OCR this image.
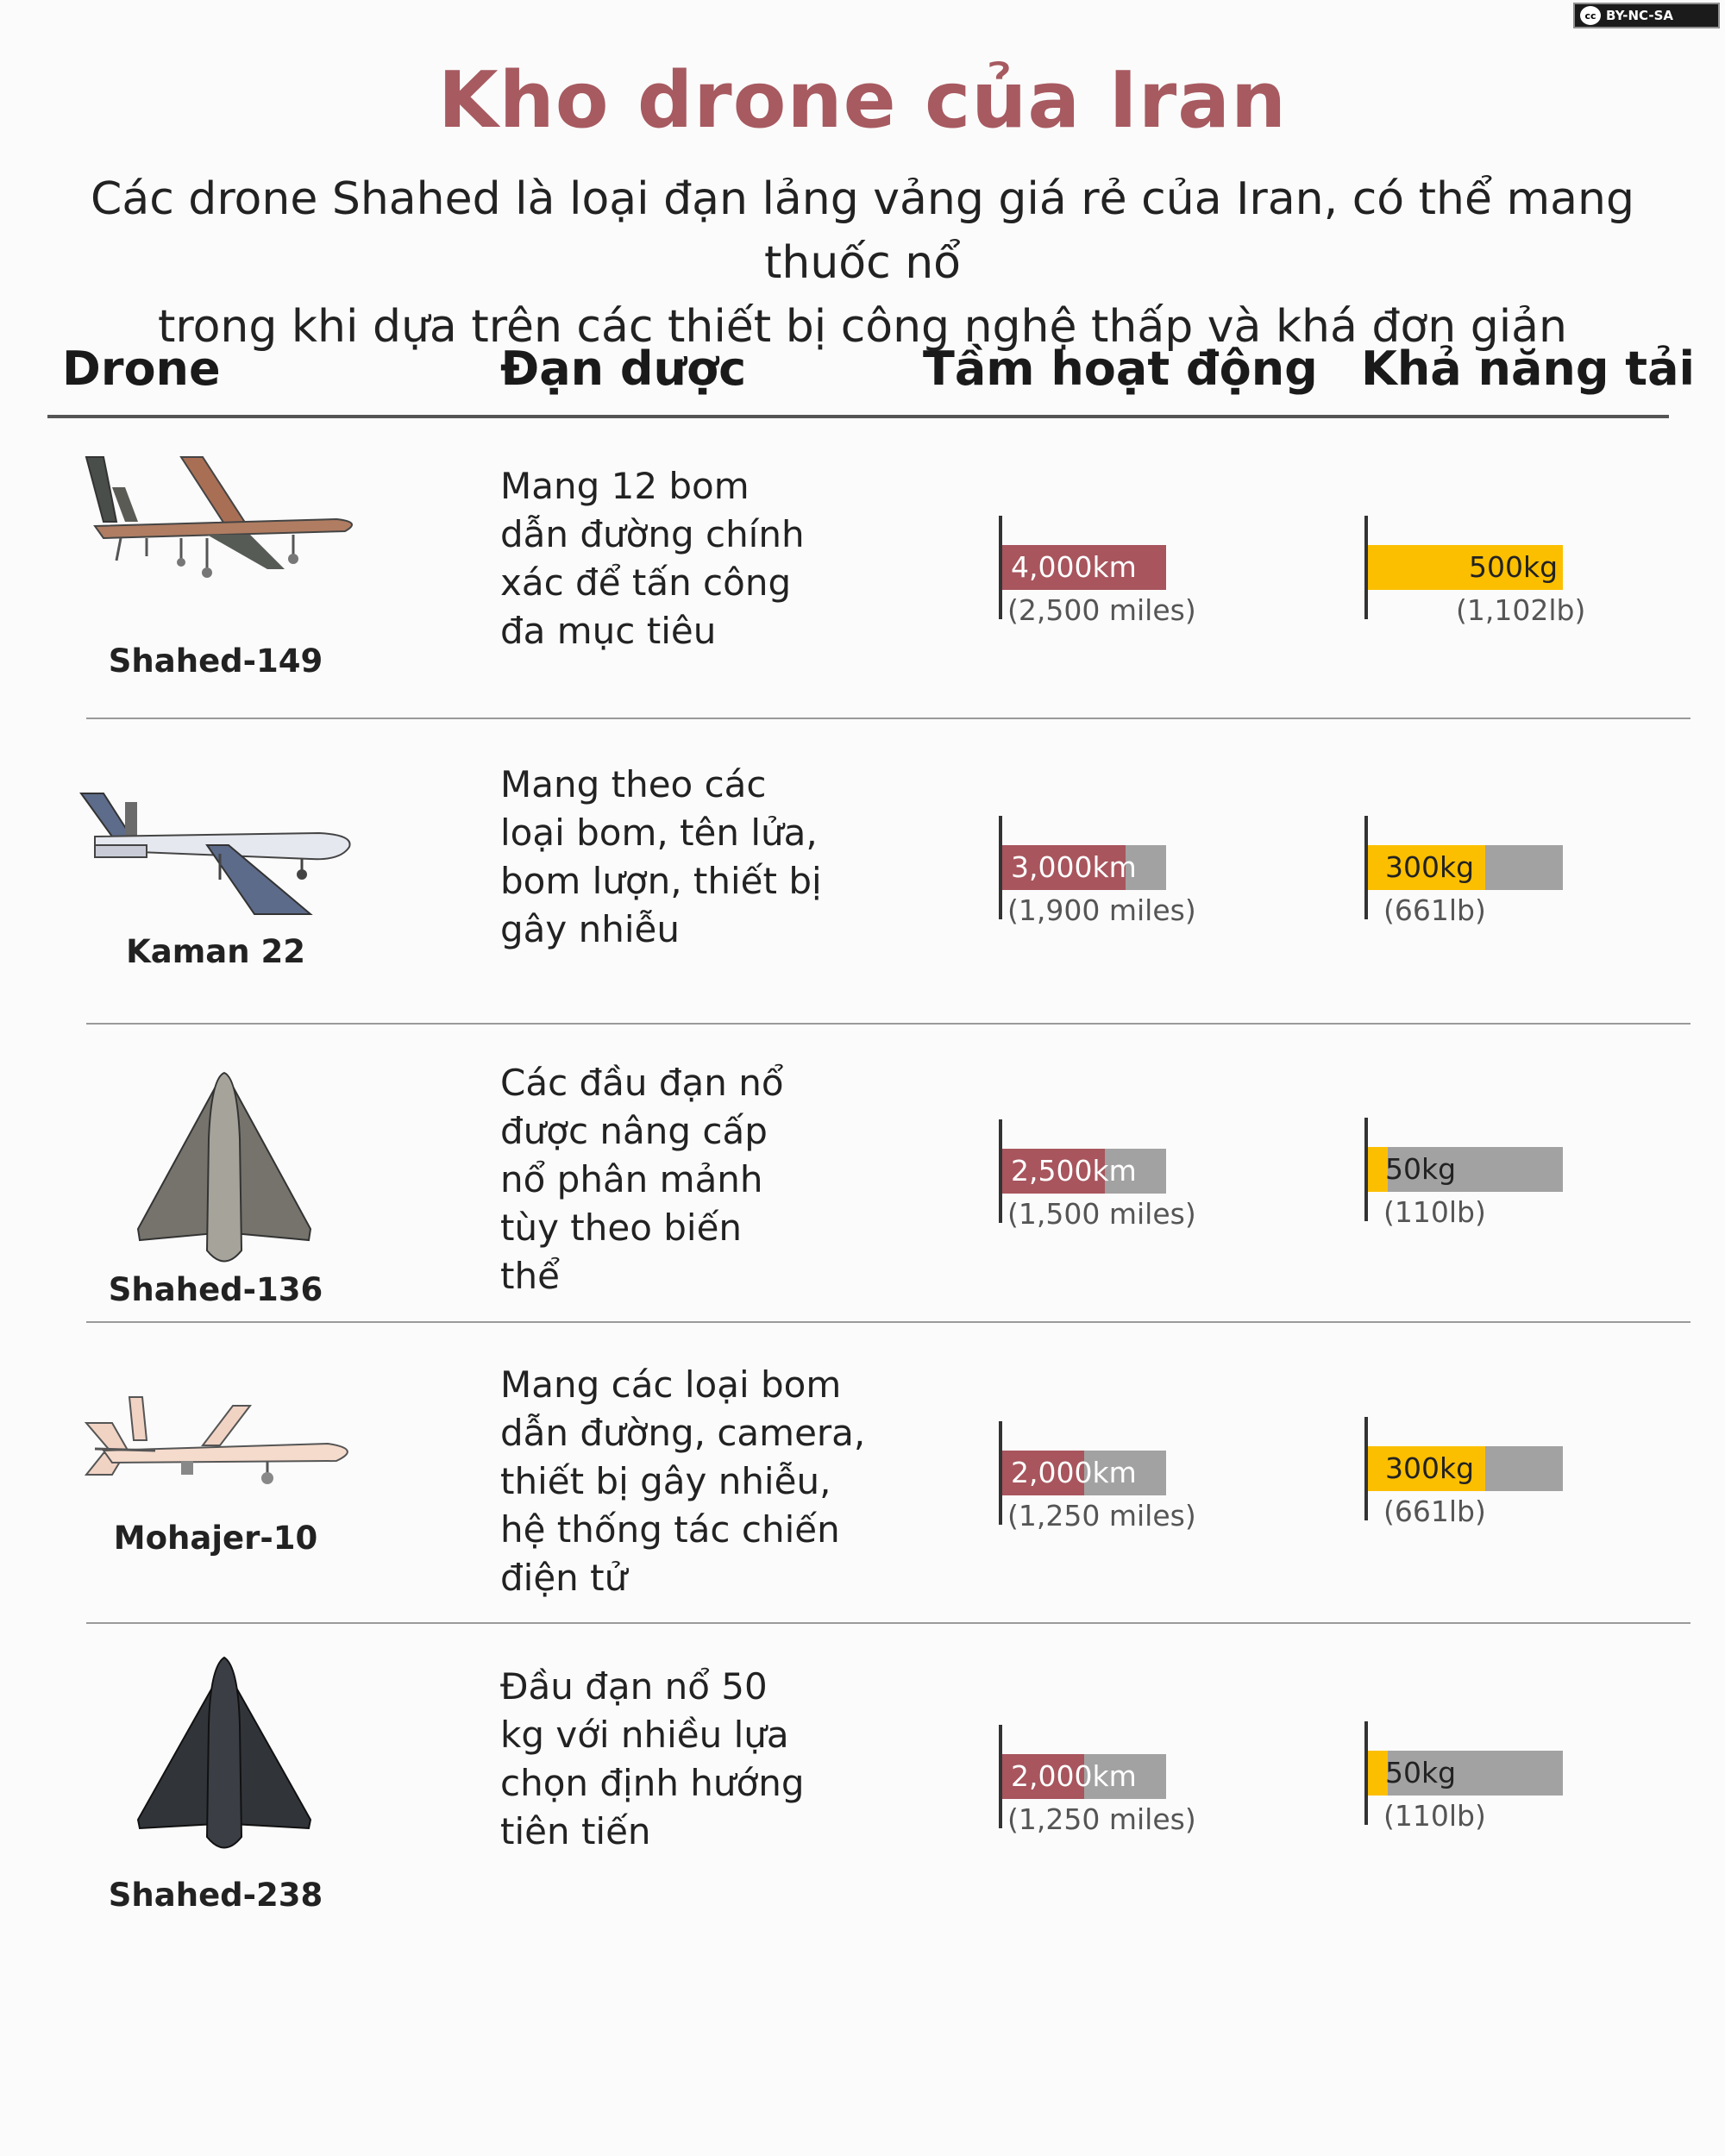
cc BY-NC-SA
Kho drone của Iran
Các drone Shahed là loại đạn lảng vảng giá rẻ của Iran, có thể mang thuốc nổ
trong khi dựa trên các thiết bị công nghệ thấp và khá đơn giản
Drone	Đạn dược	Tầm hoạt động Khả năng tải
Shahed-149
Mang 12 bom
dẫn đường chính
xác để tấn công
đa mục tiêu
4,000km
(2,500 miles)
500kg
(1,102lb)
Kaman 22
Mang theo các
loại bom, tên lửa,
bom lượn, thiết bị
gây nhiễu
3,000km
(1,900 miles)
300kg
(661lb)
Shahed-136
Các đầu đạn nổ
được nâng cấp
nổ phân mảnh
tùy theo biến
thể
2,500km
(1,500 miles)
50kg
(110lb)
Mohajer-10
Mang các loại bom
dẫn đường, camera,
thiết bị gây nhiễu,
hệ thống tác chiến
điện tử
2,000km
(1,250 miles)
300kg
(661lb)
Shahed-238
Đầu đạn nổ 50
kg với nhiều lựa
chọn định hướng
tiên tiến
2,000km
(1,250 miles)
50kg
(110lb)
